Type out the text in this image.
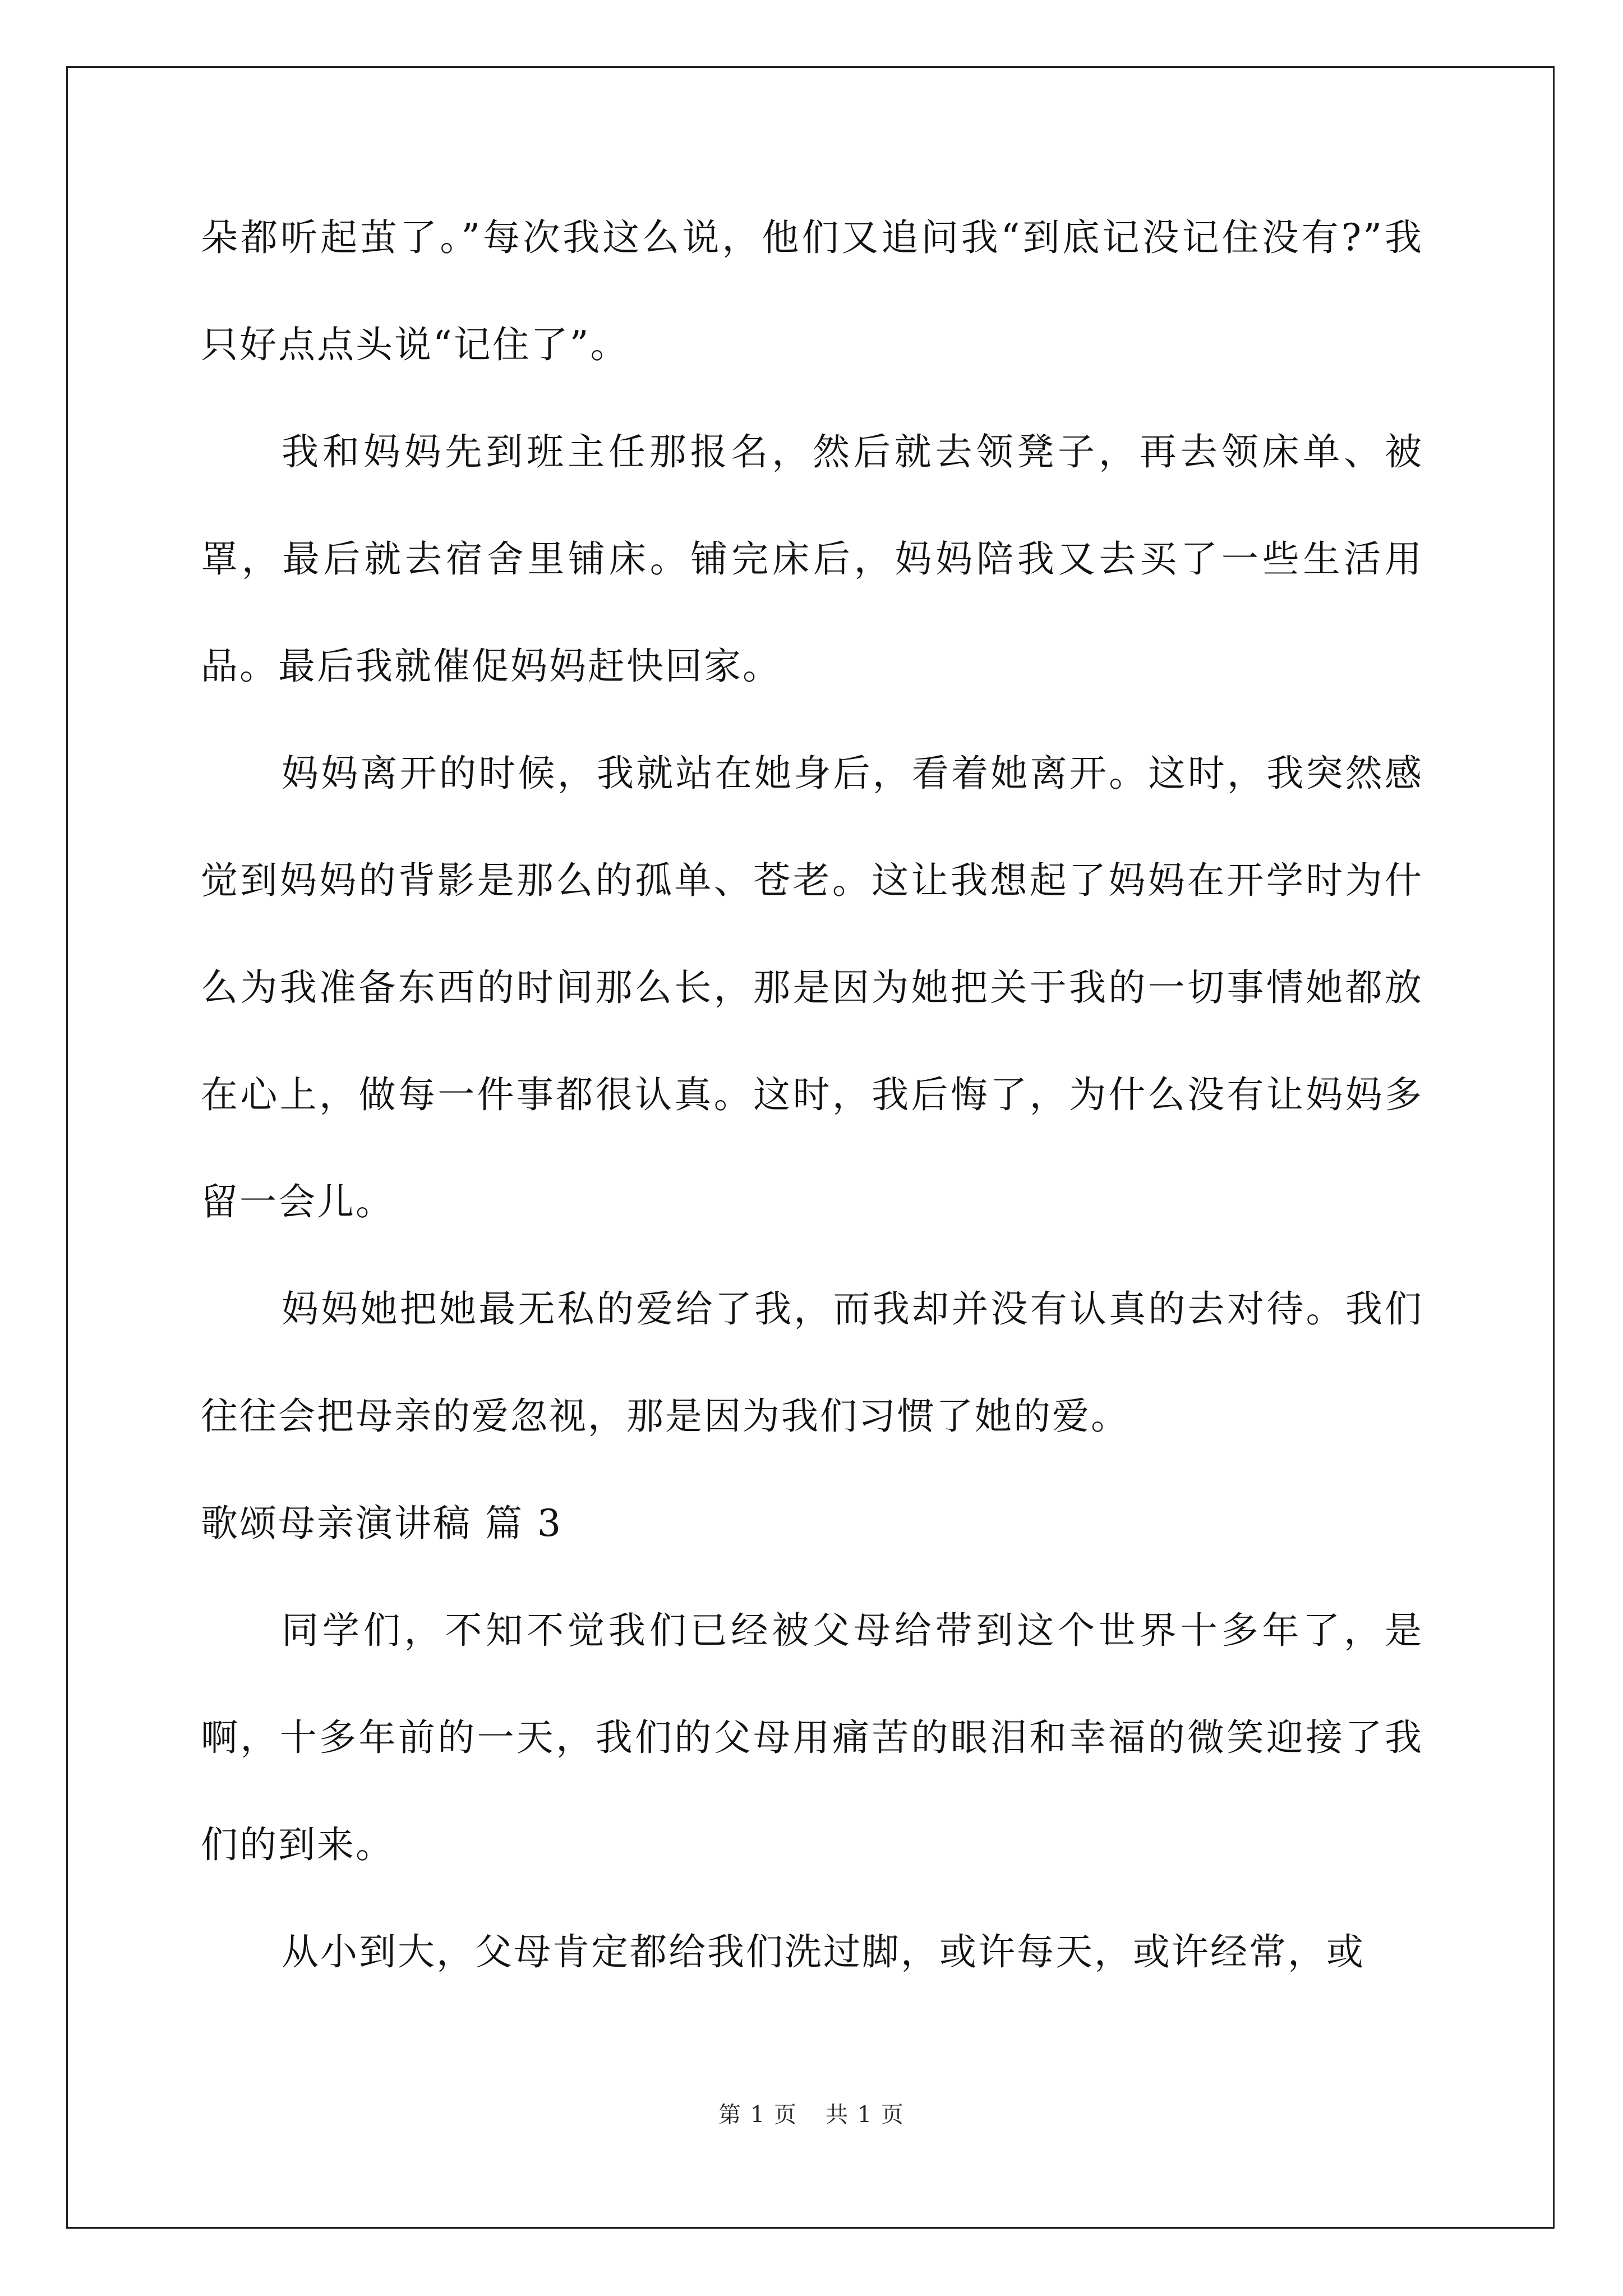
朵都听起茧了。”每次我这么说，他们又追问我“到底记没记住没有?”我只好点点头说“记住了”。

我和妈妈先到班主任那报名，然后就去领凳子，再去领床单、被罩，最后就去宿舍里铺床。铺完床后，妈妈陪我又去买了一些生活用品。最后我就催促妈妈赶快回家。

妈妈离开的时候，我就站在她身后，看着她离开。这时，我突然感觉到妈妈的背影是那么的孤单、苍老。这让我想起了妈妈在开学时为什么为我准备东西的时间那么长，那是因为她把关于我的一切事情她都放在心上，做每一件事都很认真。这时，我后悔了，为什么没有让妈妈多留一会儿。

妈妈她把她最无私的爱给了我，而我却并没有认真的去对待。我们往往会把母亲的爱忽视，那是因为我们习惯了她的爱。

歌颂母亲演讲稿 篇 3

同学们，不知不觉我们已经被父母给带到这个世界十多年了，是啊，十多年前的一天，我们的父母用痛苦的眼泪和幸福的微笑迎接了我们的到来。

从小到大，父母肯定都给我们洗过脚，或许每天，或许经常，或

第 1 页 共 1 页
